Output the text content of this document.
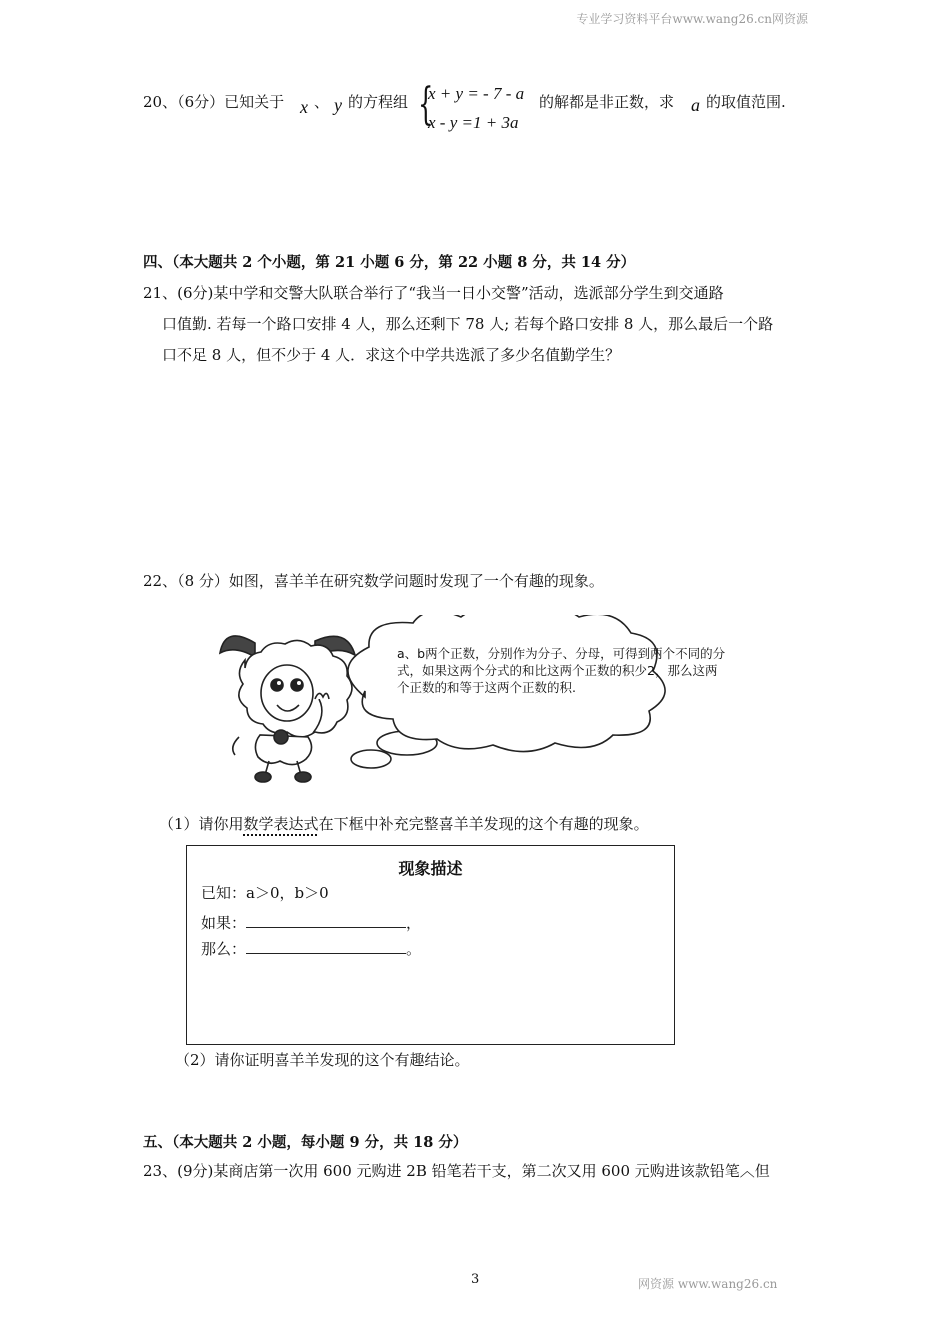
专业学习资料平台www.wang26.cn网资源
20、（6分）已知关于 x 、 y 的方程组 {
x + y = - 7 - a
x - y =1 + 3a
的解都是非正数，求 a 的取值范围.
四、（本大题共 2 个小题，第 21 小题 6 分，第 22 小题 8 分，共 14 分）
21、(6分)某中学和交警大队联合举行了“我当一日小交警”活动，选派部分学生到交通路
口值勤. 若每一个路口安排 4 人，那么还剩下 78 人; 若每个路口安排 8 人，那么最后一个路
口不足 8 人，但不少于 4 人．求这个中学共选派了多少名值勤学生？
22、（8 分）如图，喜羊羊在研究数学问题时发现了一个有趣的现象。
a、b两个正数，分别作为分子、分母，可得到两个不同的分式，如果这两个分式的和比这两个正数的积少2，那么这两个正数的和等于这两个正数的积.
（1）请你用数学表达式在下框中补充完整喜羊羊发现的这个有趣的现象。
现象描述
已知：a＞0，b＞0
如果：	，
那么：	。
（2）请你证明喜羊羊发现的这个有趣结论。
五、（本大题共 2 小题，每小题 9 分，共 18 分）
23、(9分)某商店第一次用 600 元购进 2B 铅笔若干支，第二次又用 600 元购进该款铅笔︿但
3	网资源 www.wang26.cn
